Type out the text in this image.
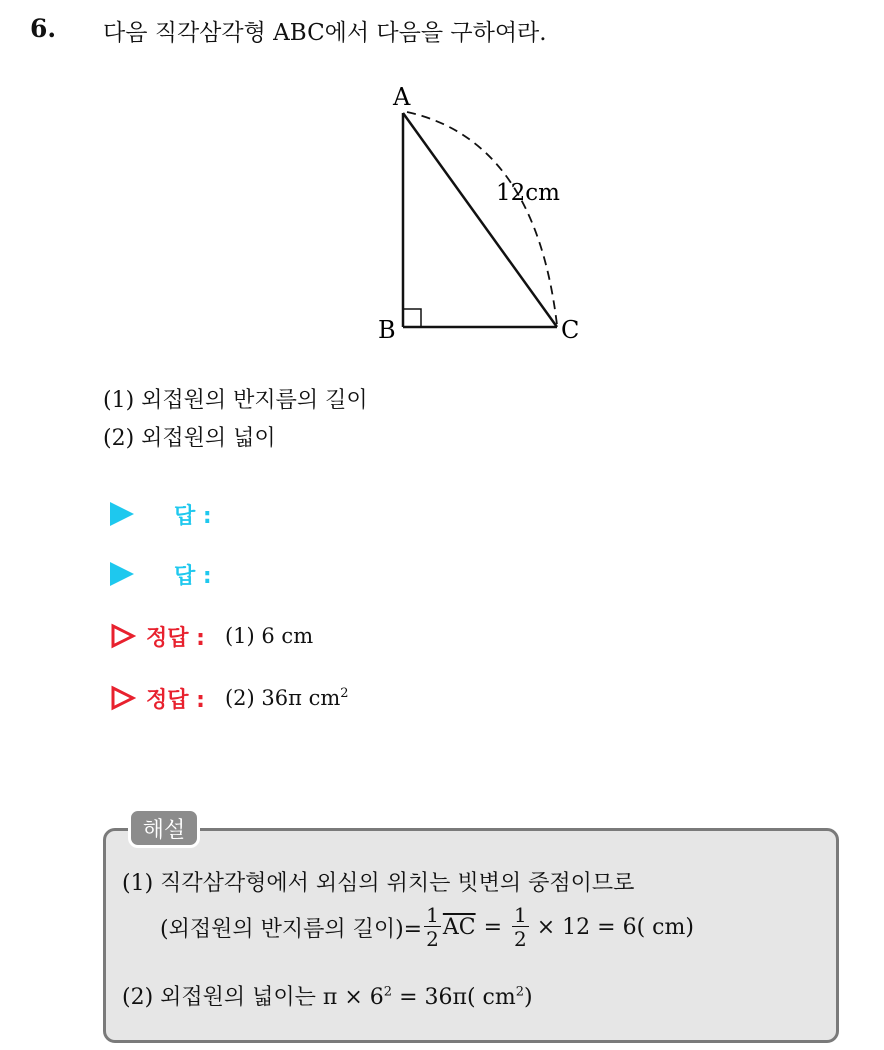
6. 다음 직각삼각형 ABC에서 다음을 구하여라.
A
B	C
12cm
(1) 외접원의 반지름의 길이
(2) 외접원의 넓이
답 :
답 :
정답 : (1) 6 cm
정답 : (2) 36π $cm^2$
해설
(1) 직각삼각형에서 외심의 위치는 빗변의 중점이므로
(외접원의 반지름의 길이)= $\frac{1}{2} \overline{AC} = \frac{1}{2} \times 12 = 6$( cm)
(2) 외접원의 넓이는 $\pi \times 6^2 = 36\pi$( $cm^2$)
